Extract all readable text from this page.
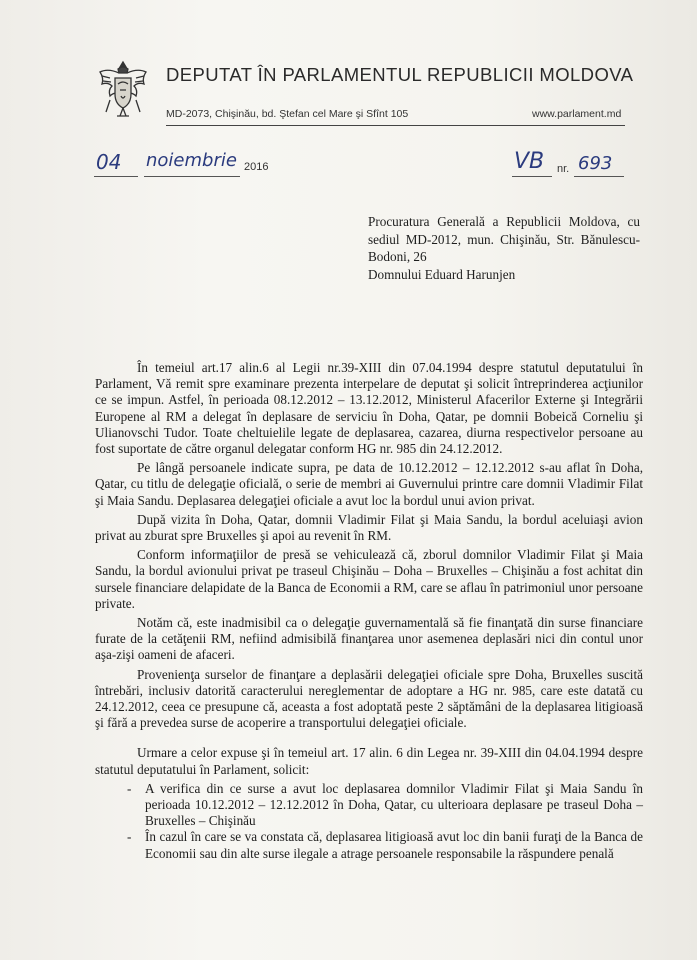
DEPUTAT ÎN PARLAMENTUL REPUBLICII MOLDOVA
MD-2073, Chişinău, bd. Ştefan cel Mare şi Sfînt 105	www.parlament.md
04 noiembrie 2016	VB nr. 693

Procuratura Generală a Republicii Moldova, cu sediul MD-2012, mun. Chişinău, Str. Bănulescu-Bodoni, 26

Domnului Eduard Harunjen

În temeiul art.17 alin.6 al Legii nr.39-XIII din 07.04.1994 despre statutul deputatului în Parlament, Vă remit spre examinare prezenta interpelare de deputat şi solicit întreprinderea acţiunilor ce se impun. Astfel, în perioada 08.12.2012 – 13.12.2012, Ministerul Afacerilor Externe şi Integrării Europene al RM a delegat în deplasare de serviciu în Doha, Qatar, pe domnii Bobeică Corneliu şi Ulianovschi Tudor. Toate cheltuielile legate de deplasarea, cazarea, diurna respectivelor persoane au fost suportate de către organul delegatar conform HG nr. 985 din 24.12.2012.

Pe lângă persoanele indicate supra, pe data de 10.12.2012 – 12.12.2012 s-au aflat în Doha, Qatar, cu titlu de delegaţie oficială, o serie de membri ai Guvernului printre care domnii Vladimir Filat şi Maia Sandu. Deplasarea delegaţiei oficiale a avut loc la bordul unui avion privat.

După vizita în Doha, Qatar, domnii Vladimir Filat şi Maia Sandu, la bordul aceluiaşi avion privat au zburat spre Bruxelles şi apoi au revenit în RM.

Conform informaţiilor de presă se vehiculează că, zborul domnilor Vladimir Filat şi Maia Sandu, la bordul avionului privat pe traseul Chişinău – Doha – Bruxelles – Chişinău a fost achitat din sursele financiare delapidate de la Banca de Economii a RM, care se aflau în patrimoniul unor persoane private.

Notăm că, este inadmisibil ca o delegaţie guvernamentală să fie finanţată din surse financiare furate de la cetăţenii RM, nefiind admisibilă finanţarea unor asemenea deplasări nici din contul unor aşa-zişi oameni de afaceri.

Provenienţa surselor de finanţare a deplasării delegaţiei oficiale spre Doha, Bruxelles suscită întrebări, inclusiv datorită caracterului nereglementar de adoptare a HG nr. 985, care este datată cu 24.12.2012, ceea ce presupune că, aceasta a fost adoptată peste 2 săptămâni de la deplasarea litigioasă şi fără a prevedea surse de acoperire a transportului delegaţiei oficiale.

Urmare a celor expuse şi în temeiul art. 17 alin. 6 din Legea nr. 39-XIII din 04.04.1994 despre statutul deputatului în Parlament, solicit:

- A verifica din ce surse a avut loc deplasarea domnilor Vladimir Filat şi Maia Sandu în perioada 10.12.2012 – 12.12.2012 în Doha, Qatar, cu ulterioara deplasare pe traseul Doha – Bruxelles – Chişinău
- În cazul în care se va constata că, deplasarea litigioasă avut loc din banii furaţi de la Banca de Economii sau din alte surse ilegale a atrage persoanele responsabile la răspundere penală
